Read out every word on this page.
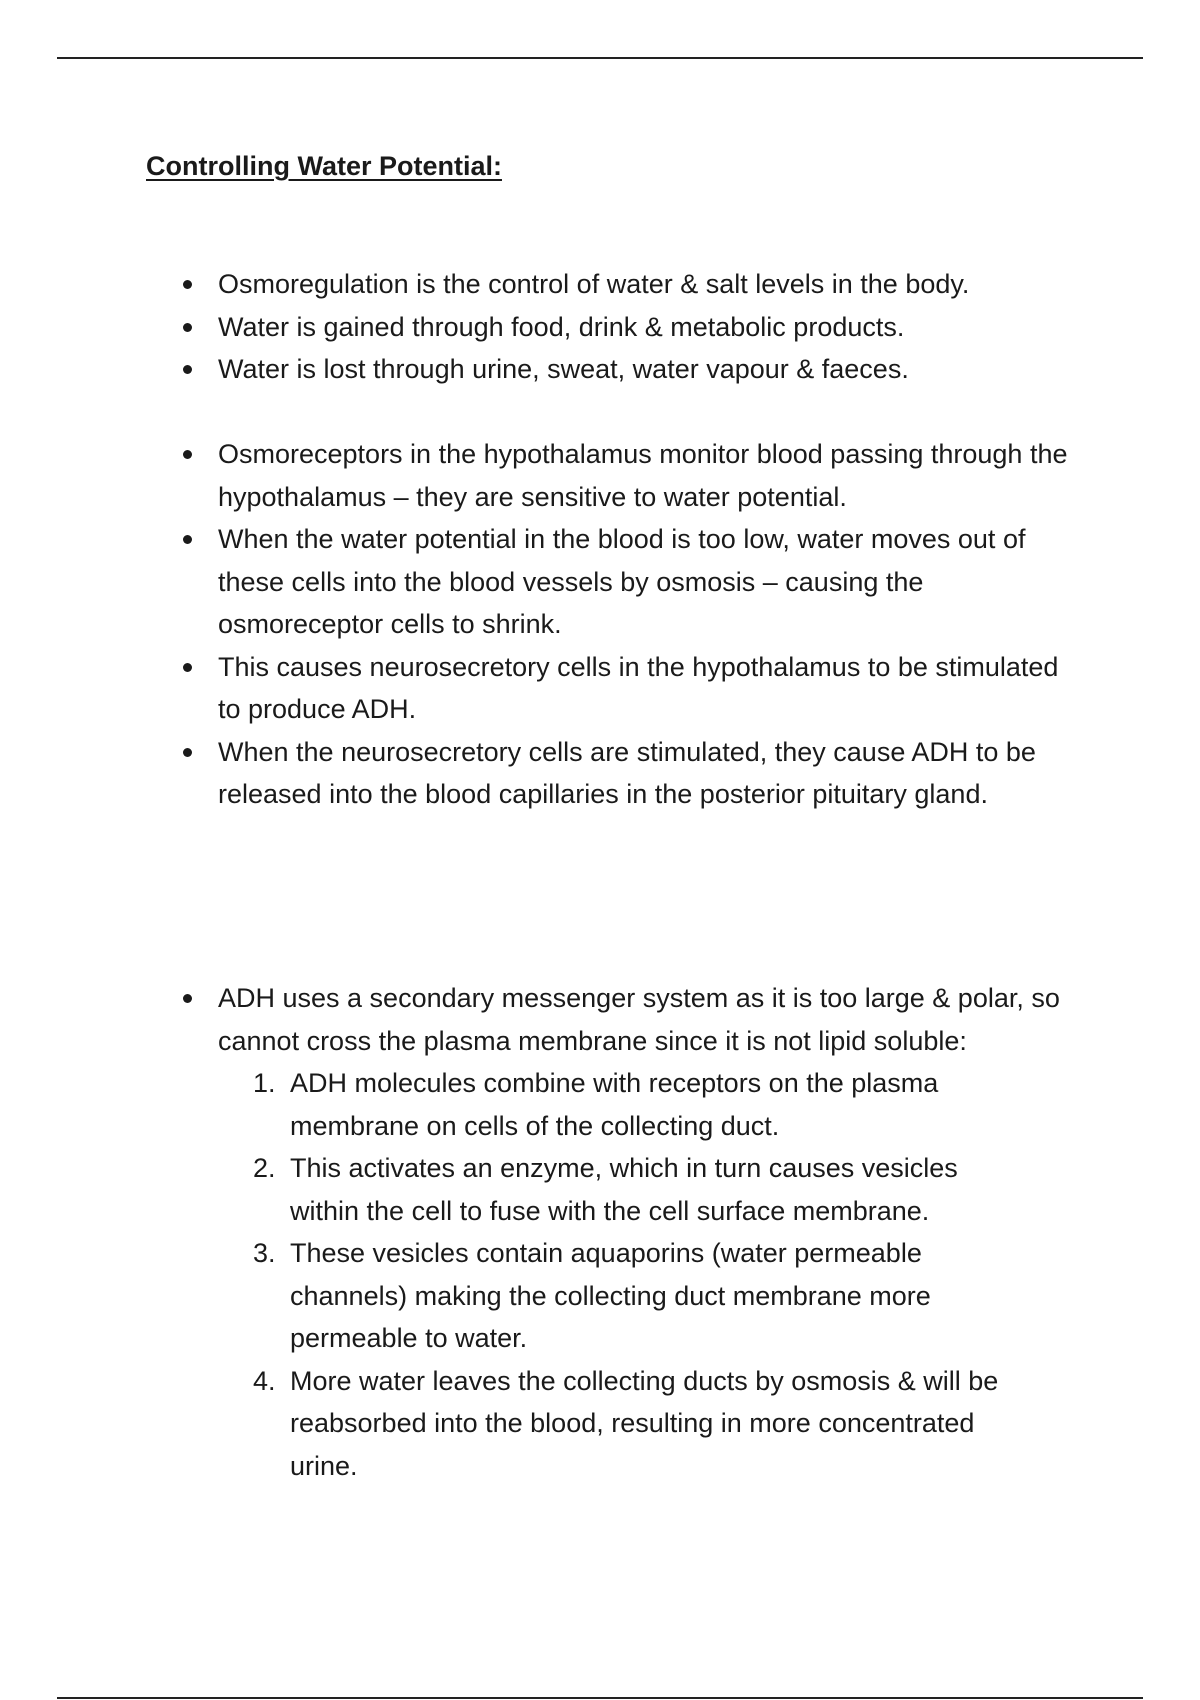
Controlling Water Potential:
Osmoregulation is the control of water & salt levels in the body.
Water is gained through food, drink & metabolic products.
Water is lost through urine, sweat, water vapour & faeces.
Osmoreceptors in the hypothalamus monitor blood passing through the hypothalamus – they are sensitive to water potential.
When the water potential in the blood is too low, water moves out of these cells into the blood vessels by osmosis – causing the osmoreceptor cells to shrink.
This causes neurosecretory cells in the hypothalamus to be stimulated to produce ADH.
When the neurosecretory cells are stimulated, they cause ADH to be released into the blood capillaries in the posterior pituitary gland.
ADH uses a secondary messenger system as it is too large & polar, so cannot cross the plasma membrane since it is not lipid soluble:
1. ADH molecules combine with receptors on the plasma membrane on cells of the collecting duct.
2. This activates an enzyme, which in turn causes vesicles within the cell to fuse with the cell surface membrane.
3. These vesicles contain aquaporins (water permeable channels) making the collecting duct membrane more permeable to water.
4. More water leaves the collecting ducts by osmosis & will be reabsorbed into the blood, resulting in more concentrated urine.
